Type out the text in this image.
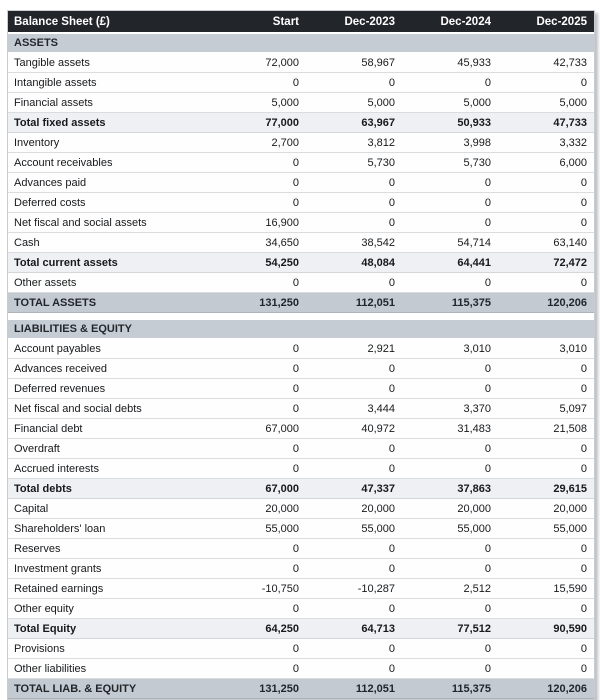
Balance Sheet (£)	Start	Dec-2023	Dec-2024	Dec-2025
ASSETS				
Tangible assets	72,000	58,967	45,933	42,733
Intangible assets	0	0	0	0
Financial assets	5,000	5,000	5,000	5,000
Total fixed assets	77,000	63,967	50,933	47,733
Inventory	2,700	3,812	3,998	3,332
Account receivables	0	5,730	5,730	6,000
Advances paid	0	0	0	0
Deferred costs	0	0	0	0
Net fiscal and social assets	16,900	0	0	0
Cash	34,650	38,542	54,714	63,140
Total current assets	54,250	48,084	64,441	72,472
Other assets	0	0	0	0
TOTAL ASSETS	131,250	112,051	115,375	120,206

LIABILITIES & EQUITY				
Account payables	0	2,921	3,010	3,010
Advances received	0	0	0	0
Deferred revenues	0	0	0	0
Net fiscal and social debts	0	3,444	3,370	5,097
Financial debt	67,000	40,972	31,483	21,508
Overdraft	0	0	0	0
Accrued interests	0	0	0	0
Total debts	67,000	47,337	37,863	29,615
Capital	20,000	20,000	20,000	20,000
Shareholders' loan	55,000	55,000	55,000	55,000
Reserves	0	0	0	0
Investment grants	0	0	0	0
Retained earnings	-10,750	-10,287	2,512	15,590
Other equity	0	0	0	0
Total Equity	64,250	64,713	77,512	90,590
Provisions	0	0	0	0
Other liabilities	0	0	0	0
TOTAL LIAB. & EQUITY	131,250	112,051	115,375	120,206
